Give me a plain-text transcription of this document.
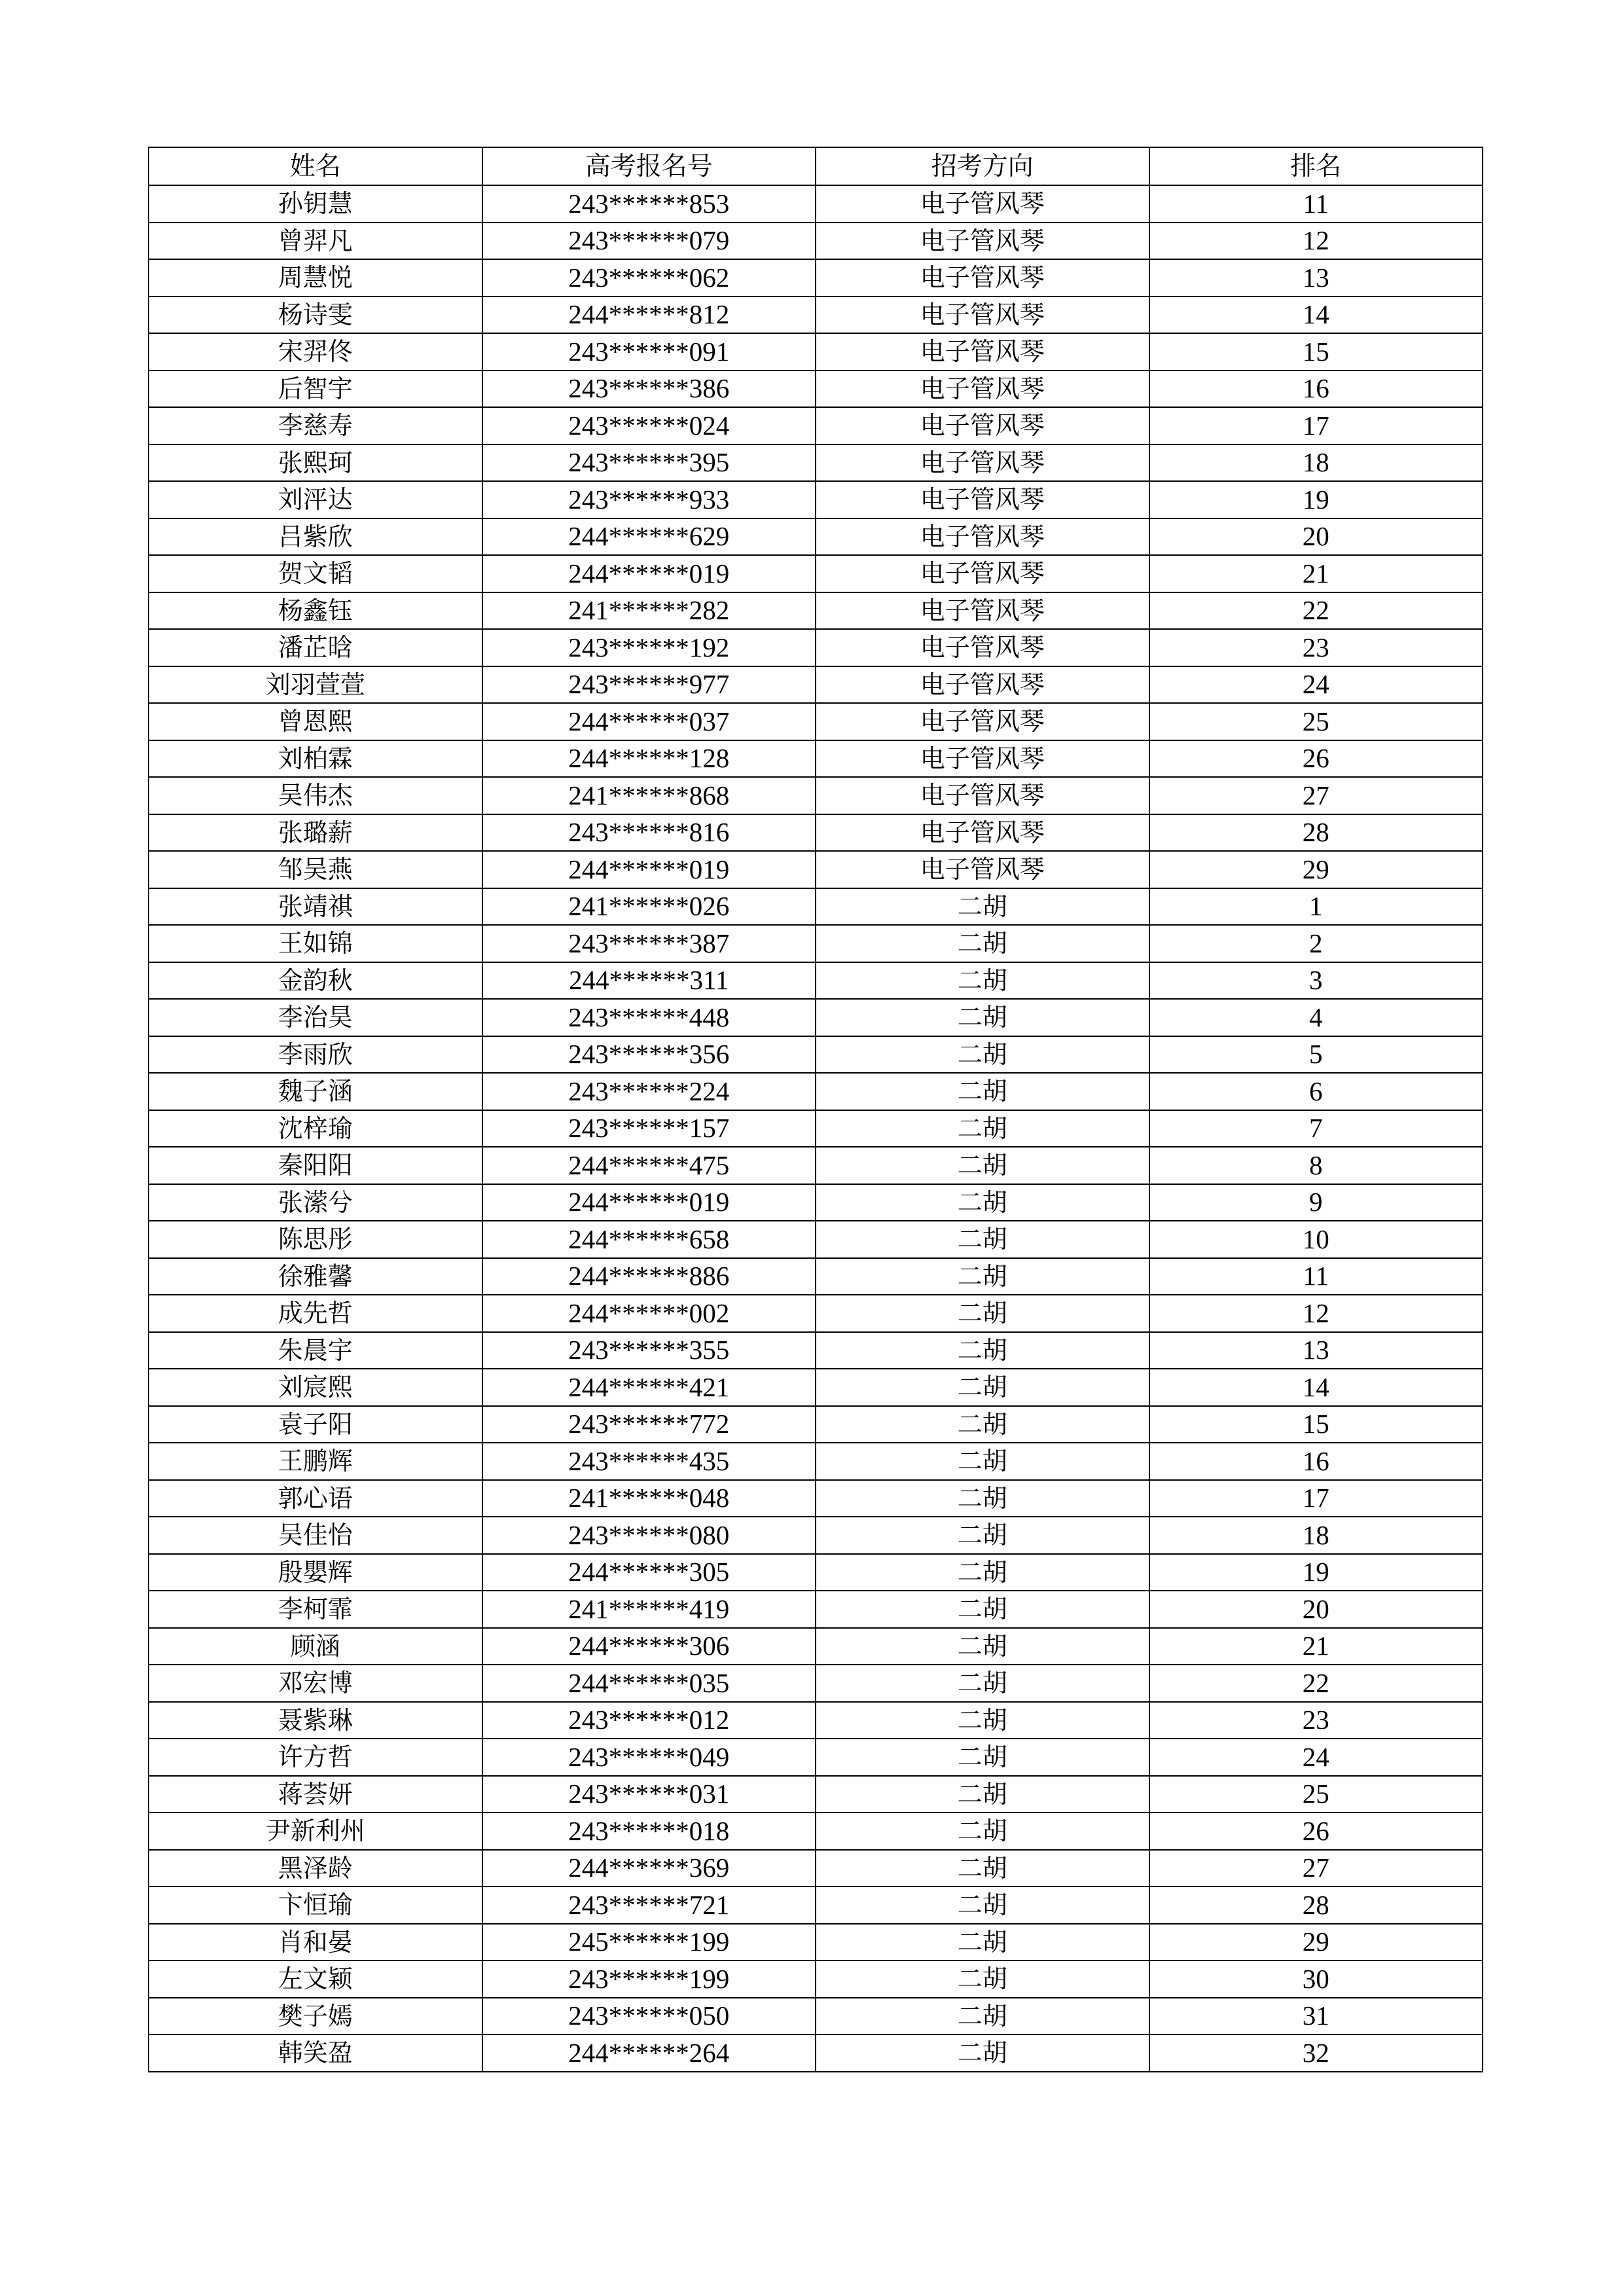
姓名	高考报名号	招考方向	排名
孙钥慧	243******853	电子管风琴	11
曾羿凡	243******079	电子管风琴	12
周慧悦	243******062	电子管风琴	13
杨诗雯	244******812	电子管风琴	14
宋羿佟	243******091	电子管风琴	15
后智宇	243******386	电子管风琴	16
李慈寿	243******024	电子管风琴	17
张熙珂	243******395	电子管风琴	18
刘泙达	243******933	电子管风琴	19
吕紫欣	244******629	电子管风琴	20
贺文韬	244******019	电子管风琴	21
杨鑫钰	241******282	电子管风琴	22
潘芷晗	243******192	电子管风琴	23
刘羽萱萱	243******977	电子管风琴	24
曾恩熙	244******037	电子管风琴	25
刘柏霖	244******128	电子管风琴	26
吴伟杰	241******868	电子管风琴	27
张璐薪	243******816	电子管风琴	28
邹吴燕	244******019	电子管风琴	29
张靖祺	241******026	二胡	1
王如锦	243******387	二胡	2
金韵秋	244******311	二胡	3
李治昊	243******448	二胡	4
李雨欣	243******356	二胡	5
魏子涵	243******224	二胡	6
沈梓瑜	243******157	二胡	7
秦阳阳	244******475	二胡	8
张潆兮	244******019	二胡	9
陈思彤	244******658	二胡	10
徐雅馨	244******886	二胡	11
成先哲	244******002	二胡	12
朱晨宇	243******355	二胡	13
刘宸熙	244******421	二胡	14
袁子阳	243******772	二胡	15
王鹏辉	243******435	二胡	16
郭心语	241******048	二胡	17
吴佳怡	243******080	二胡	18
殷嬰辉	244******305	二胡	19
李柯霏	241******419	二胡	20
顾涵	244******306	二胡	21
邓宏博	244******035	二胡	22
聂紫琳	243******012	二胡	23
许方哲	243******049	二胡	24
蒋荟妍	243******031	二胡	25
尹新利州	243******018	二胡	26
黑泽龄	244******369	二胡	27
卞恒瑜	243******721	二胡	28
肖和晏	245******199	二胡	29
左文颖	243******199	二胡	30
樊子嫣	243******050	二胡	31
韩笑盈	244******264	二胡	32
